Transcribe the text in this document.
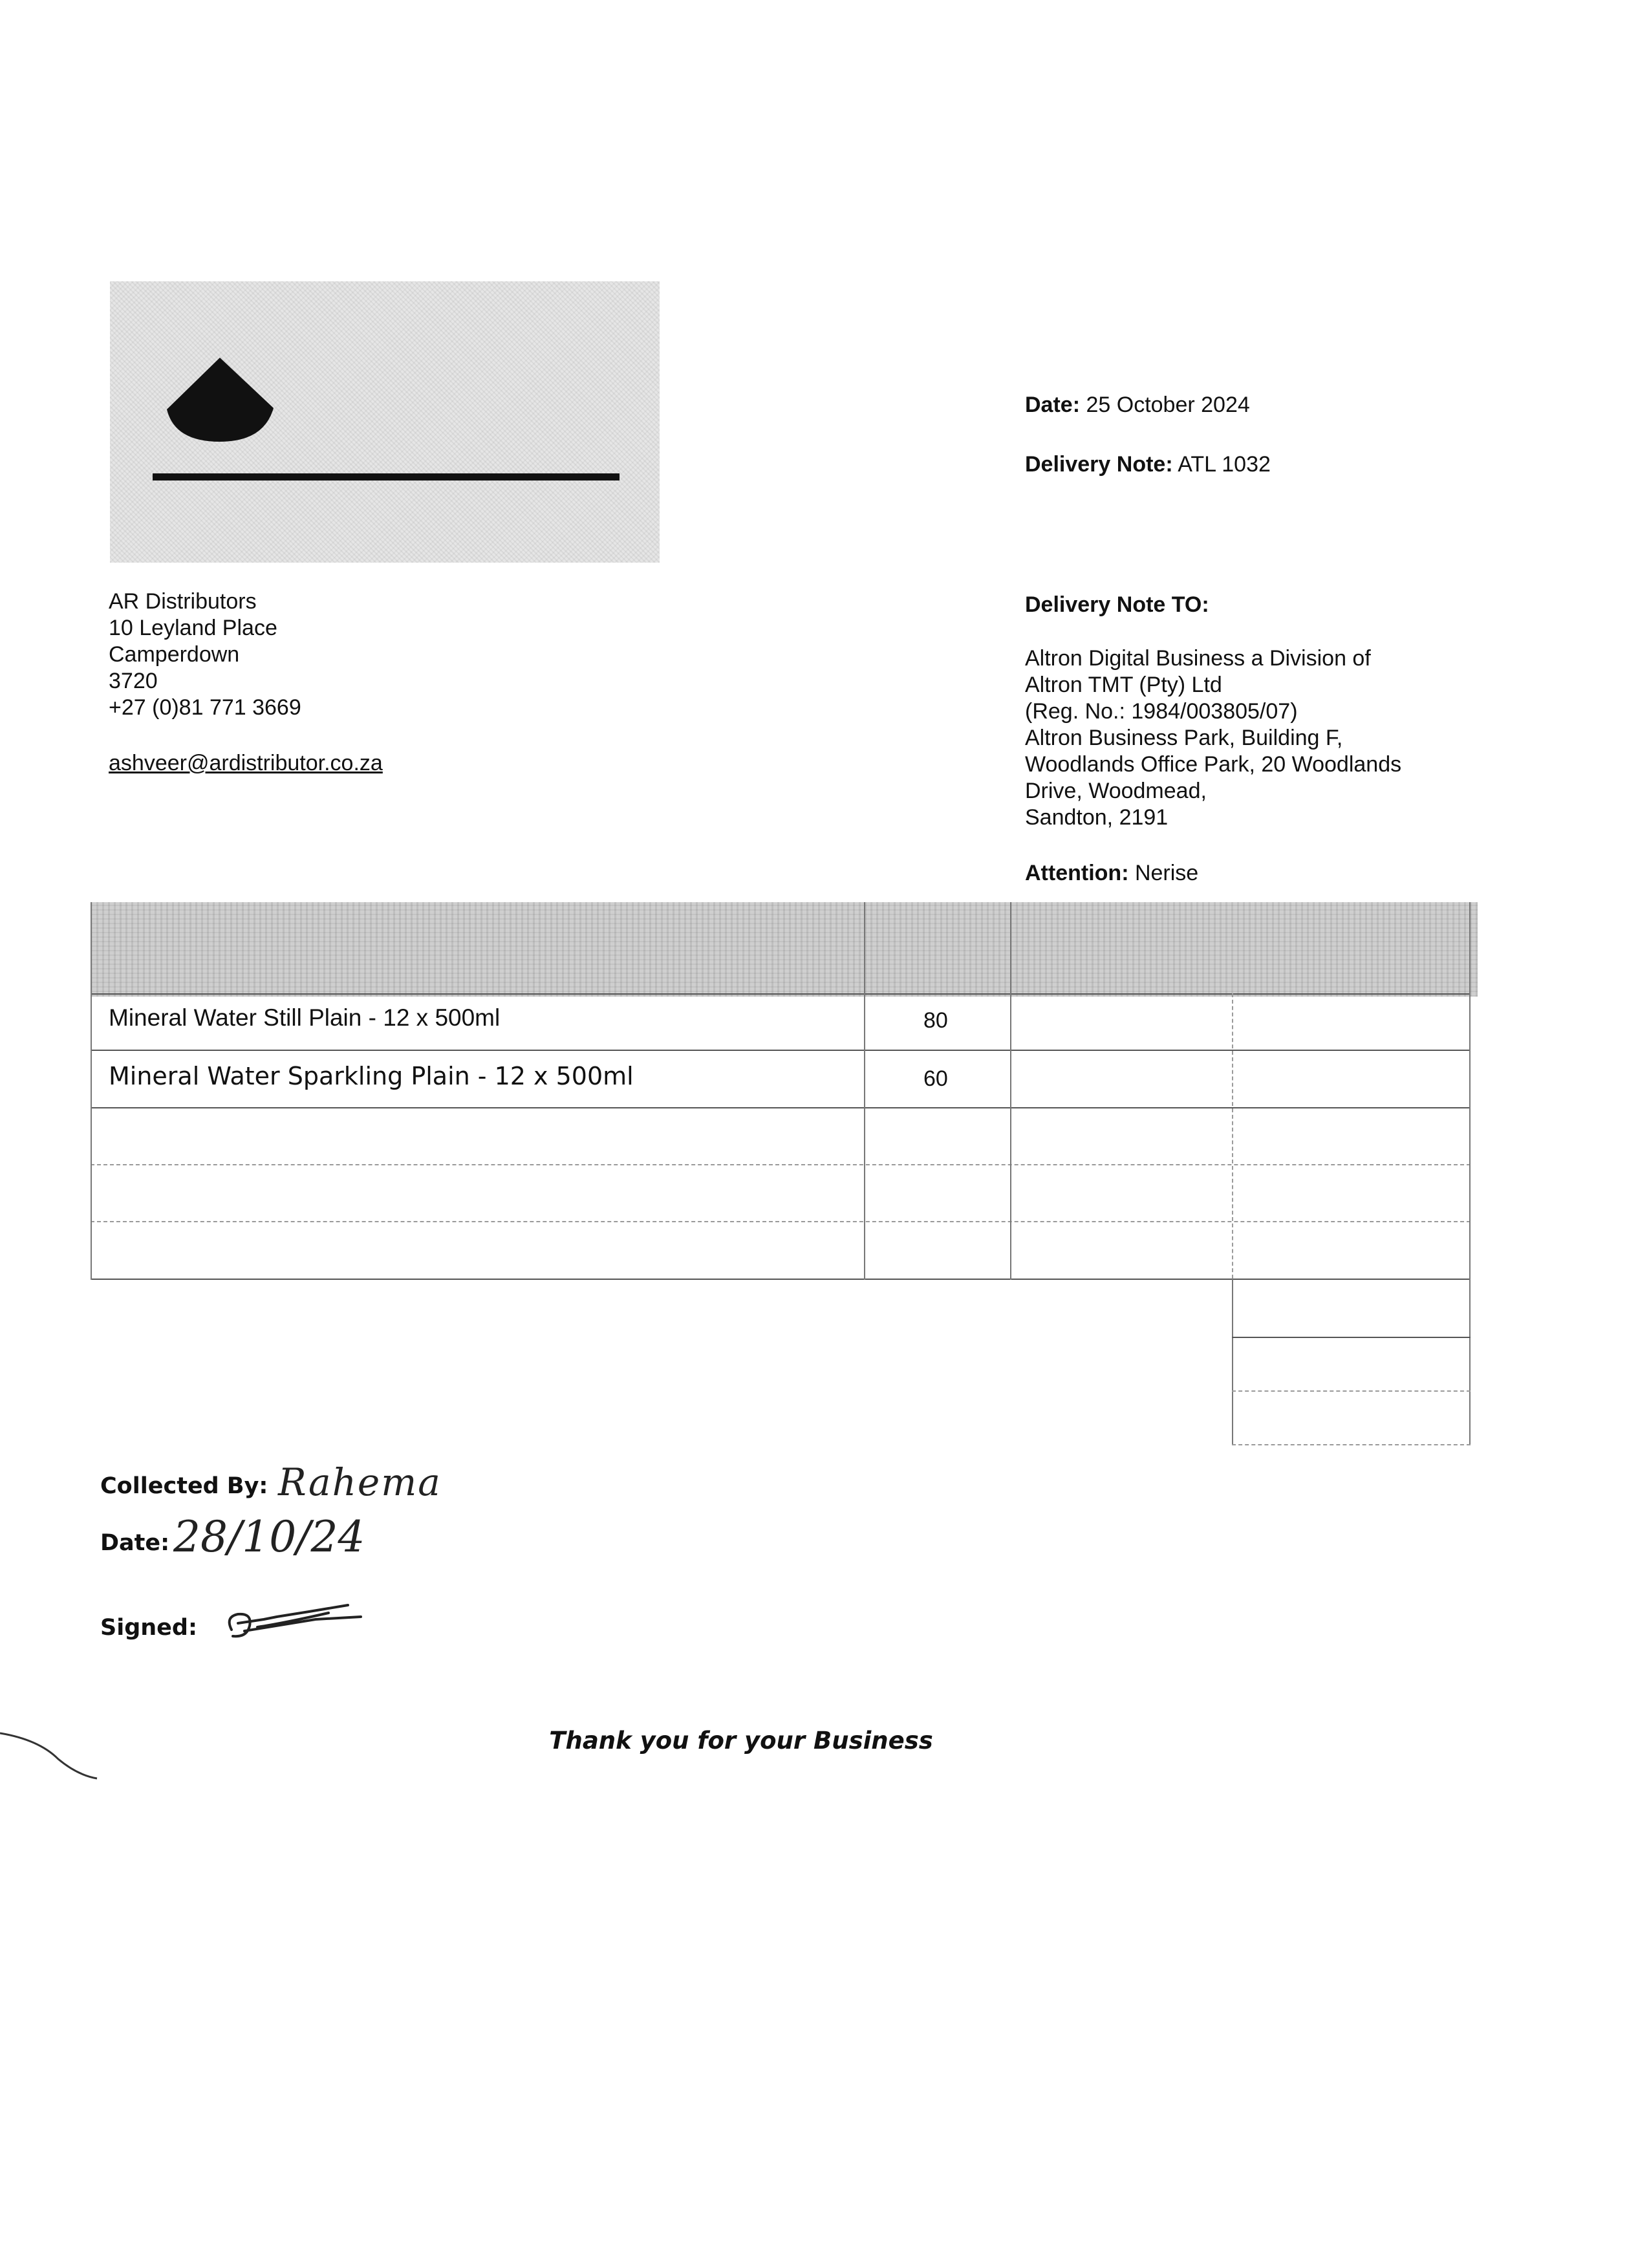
Date: 25 October 2024
Delivery Note: ATL 1032
AR Distributors
10 Leyland Place
Camperdown
3720
+27 (0)81 771 3669
ashveer@ardistributor.co.za
Delivery Note TO:
Altron Digital Business a Division of
Altron TMT (Pty) Ltd
(Reg. No.: 1984/003805/07)
Altron Business Park, Building F,
Woodlands Office Park, 20 Woodlands
Drive, Woodmead,
Sandton, 2191
Attention: Nerise
Mineral Water Still Plain - 12 x 500ml	80
Mineral Water Sparkling Plain - 12 x 500ml	60
Collected By: Rahema
Date: 28/10/24
Signed:
Thank you for your Business
